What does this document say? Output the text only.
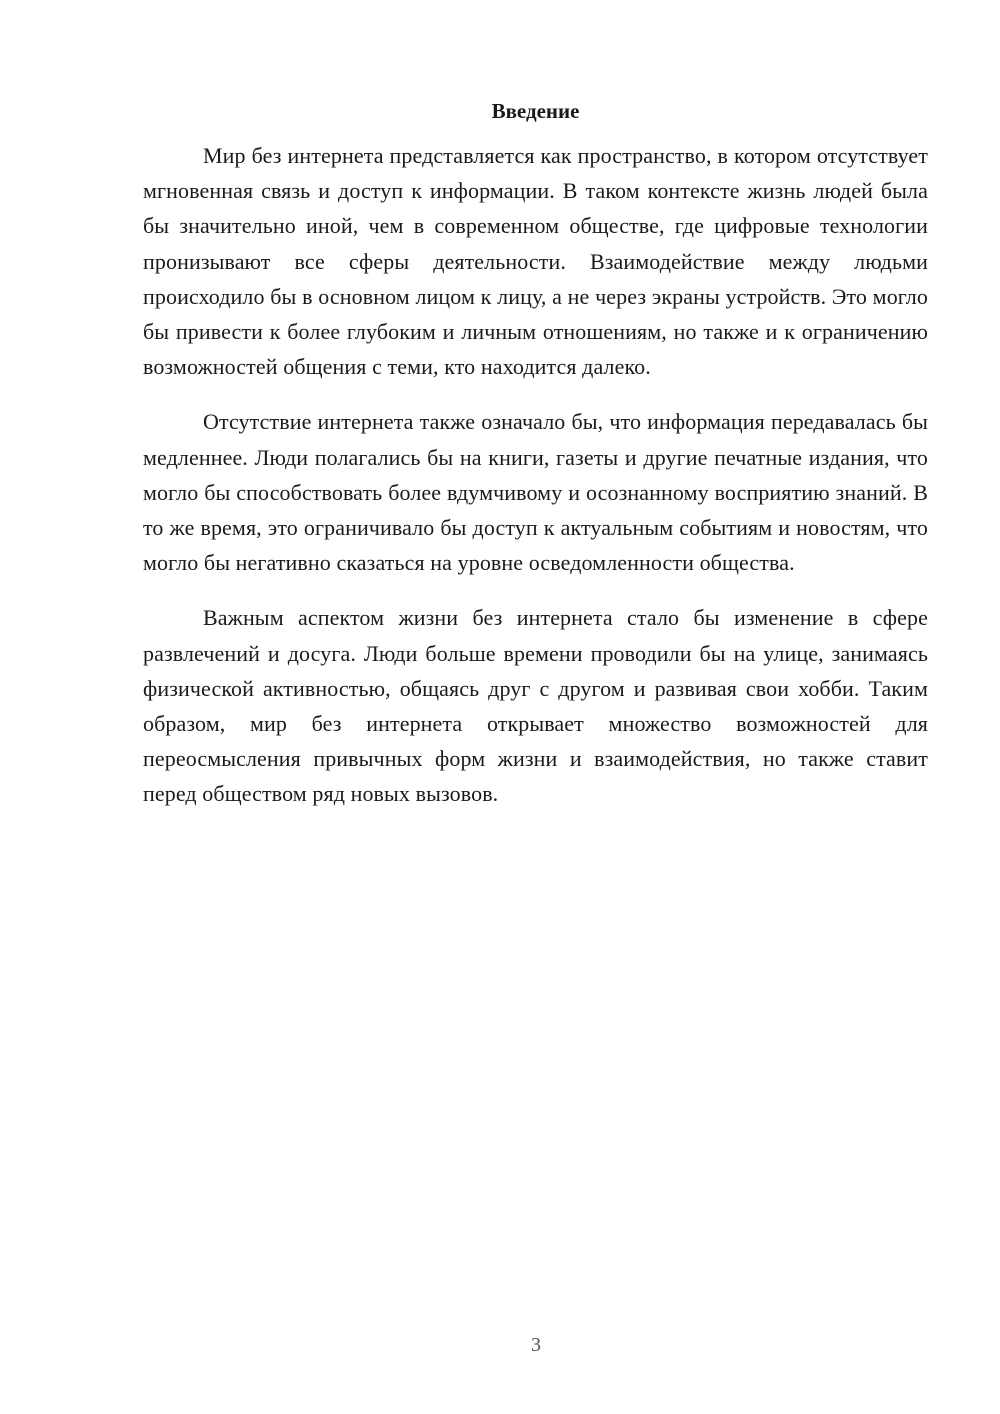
Введение

Мир без интернета представляется как пространство, в котором отсутствует мгновенная связь и доступ к информации. В таком контексте жизнь людей была бы значительно иной, чем в современном обществе, где цифровые технологии пронизывают все сферы деятельности. Взаимодействие между людьми происходило бы в основном лицом к лицу, а не через экраны устройств. Это могло бы привести к более глубоким и личным отношениям, но также и к ограничению возможностей общения с теми, кто находится далеко.

Отсутствие интернета также означало бы, что информация передавалась бы медленнее. Люди полагались бы на книги, газеты и другие печатные издания, что могло бы способствовать более вдумчивому и осознанному восприятию знаний. В то же время, это ограничивало бы доступ к актуальным событиям и новостям, что могло бы негативно сказаться на уровне осведомленности общества.

Важным аспектом жизни без интернета стало бы изменение в сфере развлечений и досуга. Люди больше времени проводили бы на улице, занимаясь физической активностью, общаясь друг с другом и развивая свои хобби. Таким образом, мир без интернета открывает множество возможностей для переосмысления привычных форм жизни и взаимодействия, но также ставит перед обществом ряд новых вызовов.

3
